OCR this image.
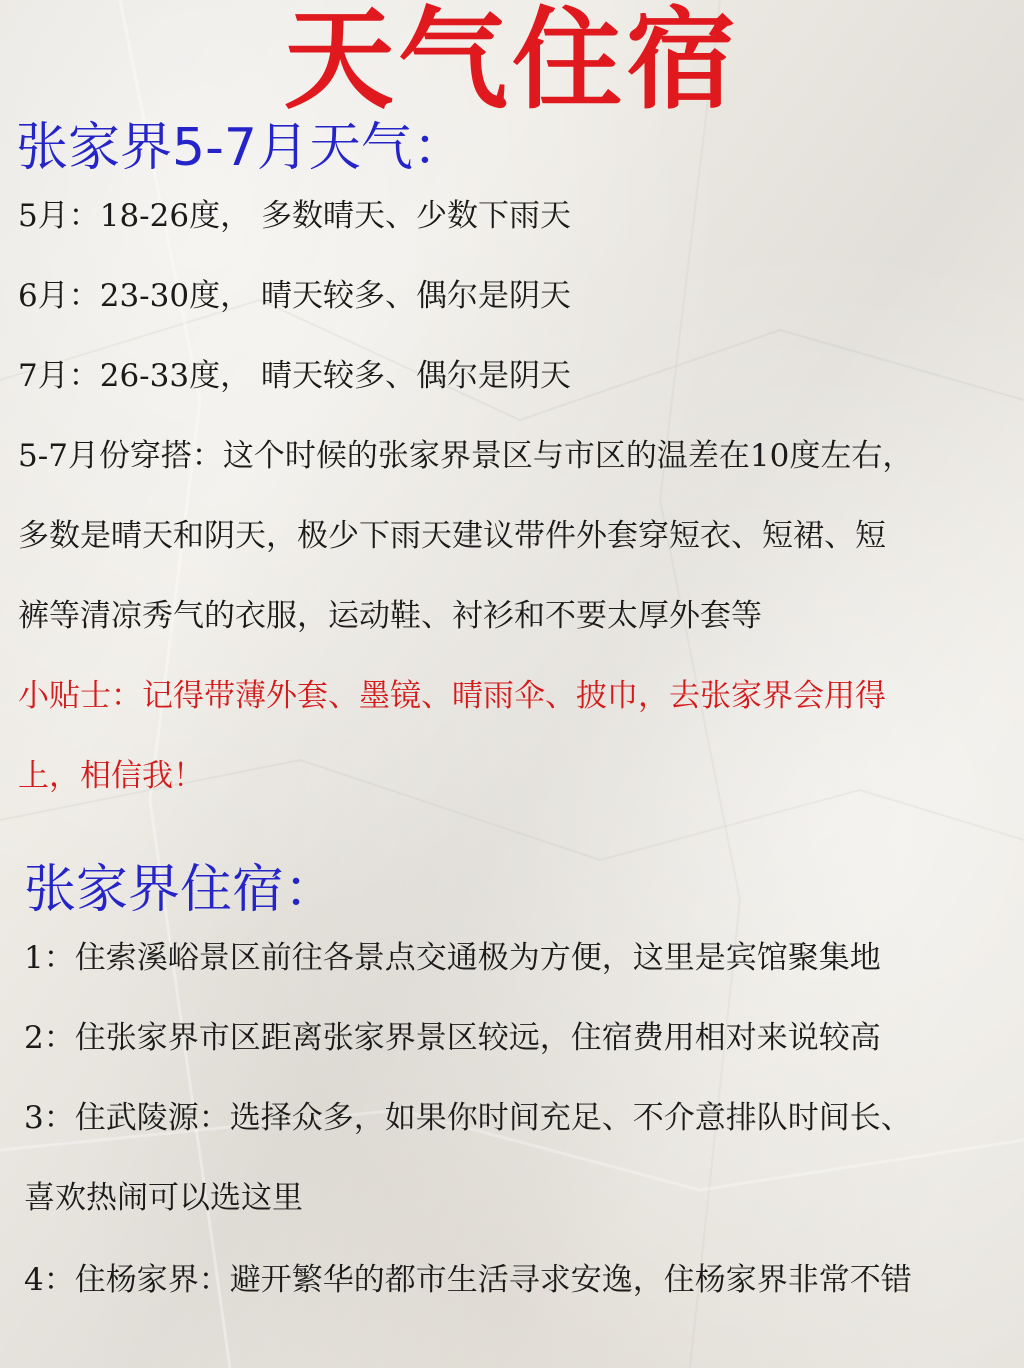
天气住宿
张家界5-7月天气：

5月：18-26度， 多数晴天、少数下雨天

6月：23-30度， 晴天较多、偶尔是阴天

7月：26-33度， 晴天较多、偶尔是阴天

5-7月份穿搭：这个时候的张家界景区与市区的温差在10度左右，

多数是晴天和阴天，极少下雨天建议带件外套穿短衣、短裙、短

裤等清凉秀气的衣服，运动鞋、衬衫和不要太厚外套等

小贴士：记得带薄外套、墨镜、晴雨伞、披巾，去张家界会用得

上，相信我！

张家界住宿：

1：住索溪峪景区前往各景点交通极为方便，这里是宾馆聚集地

2：住张家界市区距离张家界景区较远，住宿费用相对来说较高

3：住武陵源：选择众多，如果你时间充足、不介意排队时间长、

喜欢热闹可以选这里

4：住杨家界：避开繁华的都市生活寻求安逸，住杨家界非常不错
